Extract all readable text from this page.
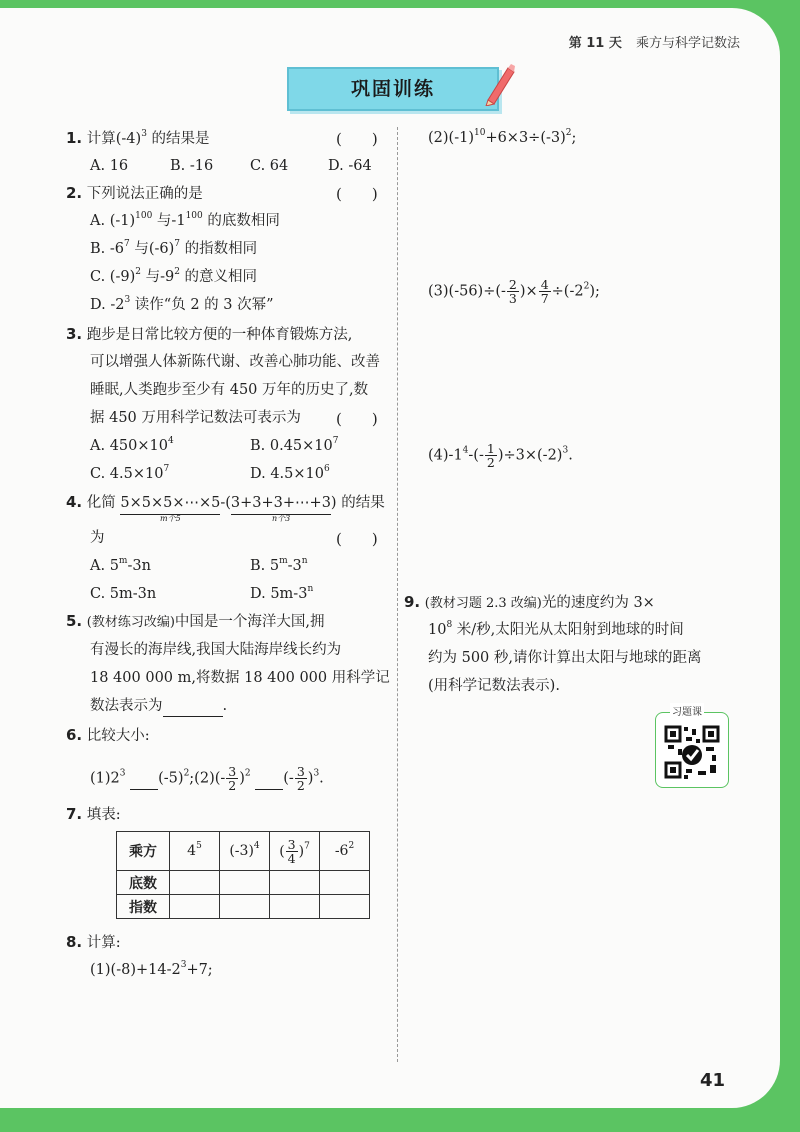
第 11 天 乘方与科学记数法
巩固训练
1. 计算$(-4)^3$ 的结果是	(　　)
A. 16	B. -16	C. 64	D. -64
2. 下列说法正确的是	(　　)
A. $(-1)^{100}$ 与$-1^{100}$ 的底数相同
B. $-6^7$ 与$(-6)^7$ 的指数相同
C. $(-9)^2$ 与$-9^2$ 的意义相同
D. $-2^3$ 读作“负 2 的 3 次幂”
3. 跑步是日常比较方便的一种体育锻炼方法,
可以增强人体新陈代谢、改善心肺功能、改善
睡眠,人类跑步至少有 450 万年的历史了,数
据 450 万用科学记数法可表示为 (　　)
A. $450\times 10^4$	B. $0.45\times 10^7$
C. $4.5\times 10^7$	D. $4.5\times 10^6$
4. 化简 5×5×5×⋯×5-(3+3+3+⋯+3) 的结果
m个5	n个3
为	(　　)
A. 5$^m$-3n	B. 5$^m$-3$^n$
C. 5m-3n	D. 5m-3$^n$
5. (教材练习改编)中国是一个海洋大国,拥
有漫长的海岸线,我国大陆海岸线长约为
18 400 000 m,将数据 18 400 000 用科学记
数法表示为	.
6. 比较大小:
$(1)2^3$ $(-5)^2;(2)(- \frac{3}{2} )^2$ (- $\frac{3}{2} )^3$.
7. 填表:
乘方	$4^5$	$(-3)^4$	( $\frac{3}{4} )^7$	$-6^2$
底数				
指数				
8. 计算:
$(1)(-8)+14-2^3+7$;
$(2)(-1)^{10}+6\times 3\div(-3)^2$;
$(3)(-56)\div(- \frac{2}{3}$ )× $\frac{4}{7} \div(-2^2)$;
$(4)-1^4-(- \frac{1}{2} )\div 3\times(-2)^3$.
9. (教材习题 2.3 改编)光的速度约为 3×
$10^8$ 米/秒,太阳光从太阳射到地球的时间
约为 500 秒,请你计算出太阳与地球的距离
(用科学记数法表示).
习题课
41
